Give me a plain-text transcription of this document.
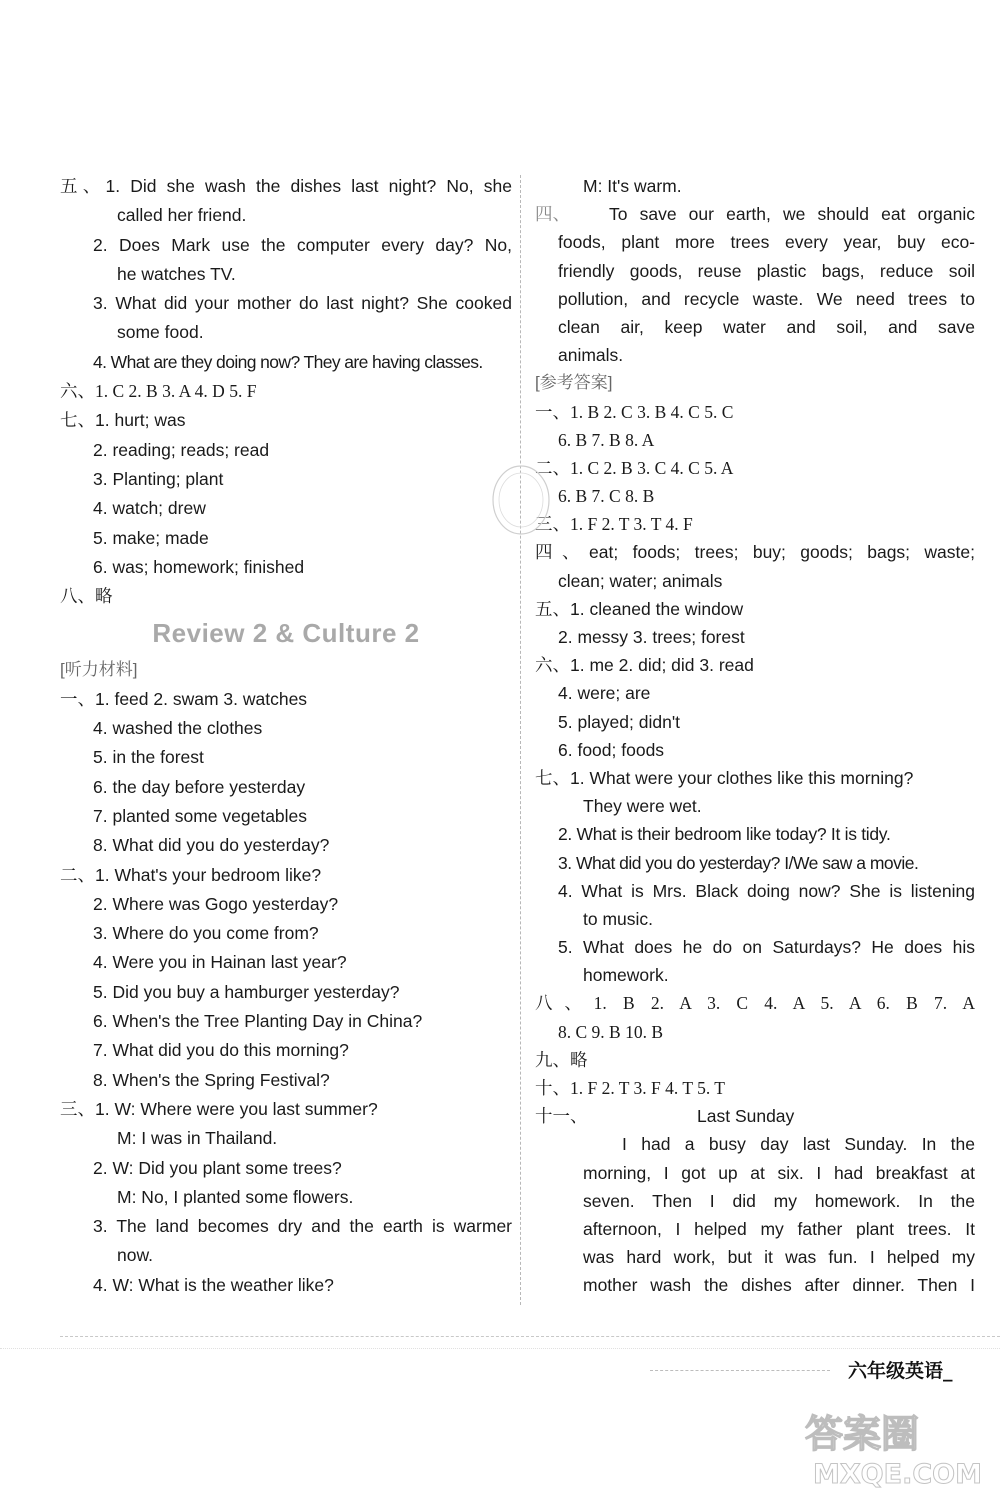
五、1. Did she wash the dishes last night? No, she
called her friend.
2. Does Mark use the computer every day? No,
he watches TV.
3. What did your mother do last night? She cooked
some food.
4. What are they doing now? They are having classes.
六、1. C 2. B 3. A 4. D 5. F
七、1. hurt; was
2. reading; reads; read
3. Planting; plant
4. watch; drew
5. make; made
6. was; homework; finished
八、略
Review 2 & Culture 2
[听力材料]
一、1. feed 2. swam 3. watches
4. washed the clothes
5. in the forest
6. the day before yesterday
7. planted some vegetables
8. What did you do yesterday?
二、1. What's your bedroom like?
2. Where was Gogo yesterday?
3. Where do you come from?
4. Were you in Hainan last year?
5. Did you buy a hamburger yesterday?
6. When's the Tree Planting Day in China?
7. What did you do this morning?
8. When's the Spring Festival?
三、1. W: Where were you last summer?
M: I was in Thailand.
2. W: Did you plant some trees?
M: No, I planted some flowers.
3. The land becomes dry and the earth is warmer
now.
4. W: What is the weather like?
M: It's warm.
四、 To save our earth, we should eat organic
foods, plant more trees every year, buy eco-
friendly goods, reuse plastic bags, reduce soil
pollution, and recycle waste. We need trees to
clean air, keep water and soil, and save
animals.
[参考答案]
一、1. B 2. C 3. B 4. C 5. C
6. B 7. B 8. A
二、1. C 2. B 3. C 4. C 5. A
6. B 7. C 8. B
三、1. F 2. T 3. T 4. F
四、eat; foods; trees; buy; goods; bags; waste;
clean; water; animals
五、1. cleaned the window
2. messy 3. trees; forest
六、1. me 2. did; did 3. read
4. were; are
5. played; didn't
6. food; foods
七、1. What were your clothes like this morning?
They were wet.
2. What is their bedroom like today? It is tidy.
3. What did you do yesterday? I/We saw a movie.
4. What is Mrs. Black doing now? She is listening
to music.
5. What does he do on Saturdays? He does his
homework.
八、1. B 2. A 3. C 4. A 5. A 6. B 7. A
8. C 9. B 10. B
九、略
十、1. F 2. T 3. F 4. T 5. T
十一、	Last Sunday
I had a busy day last Sunday. In the
morning, I got up at six. I had breakfast at
seven. Then I did my homework. In the
afternoon, I helped my father plant trees. It
was hard work, but it was fun. I helped my
mother wash the dishes after dinner. Then I
六年级英语_
答案圈
MXQE.COM
